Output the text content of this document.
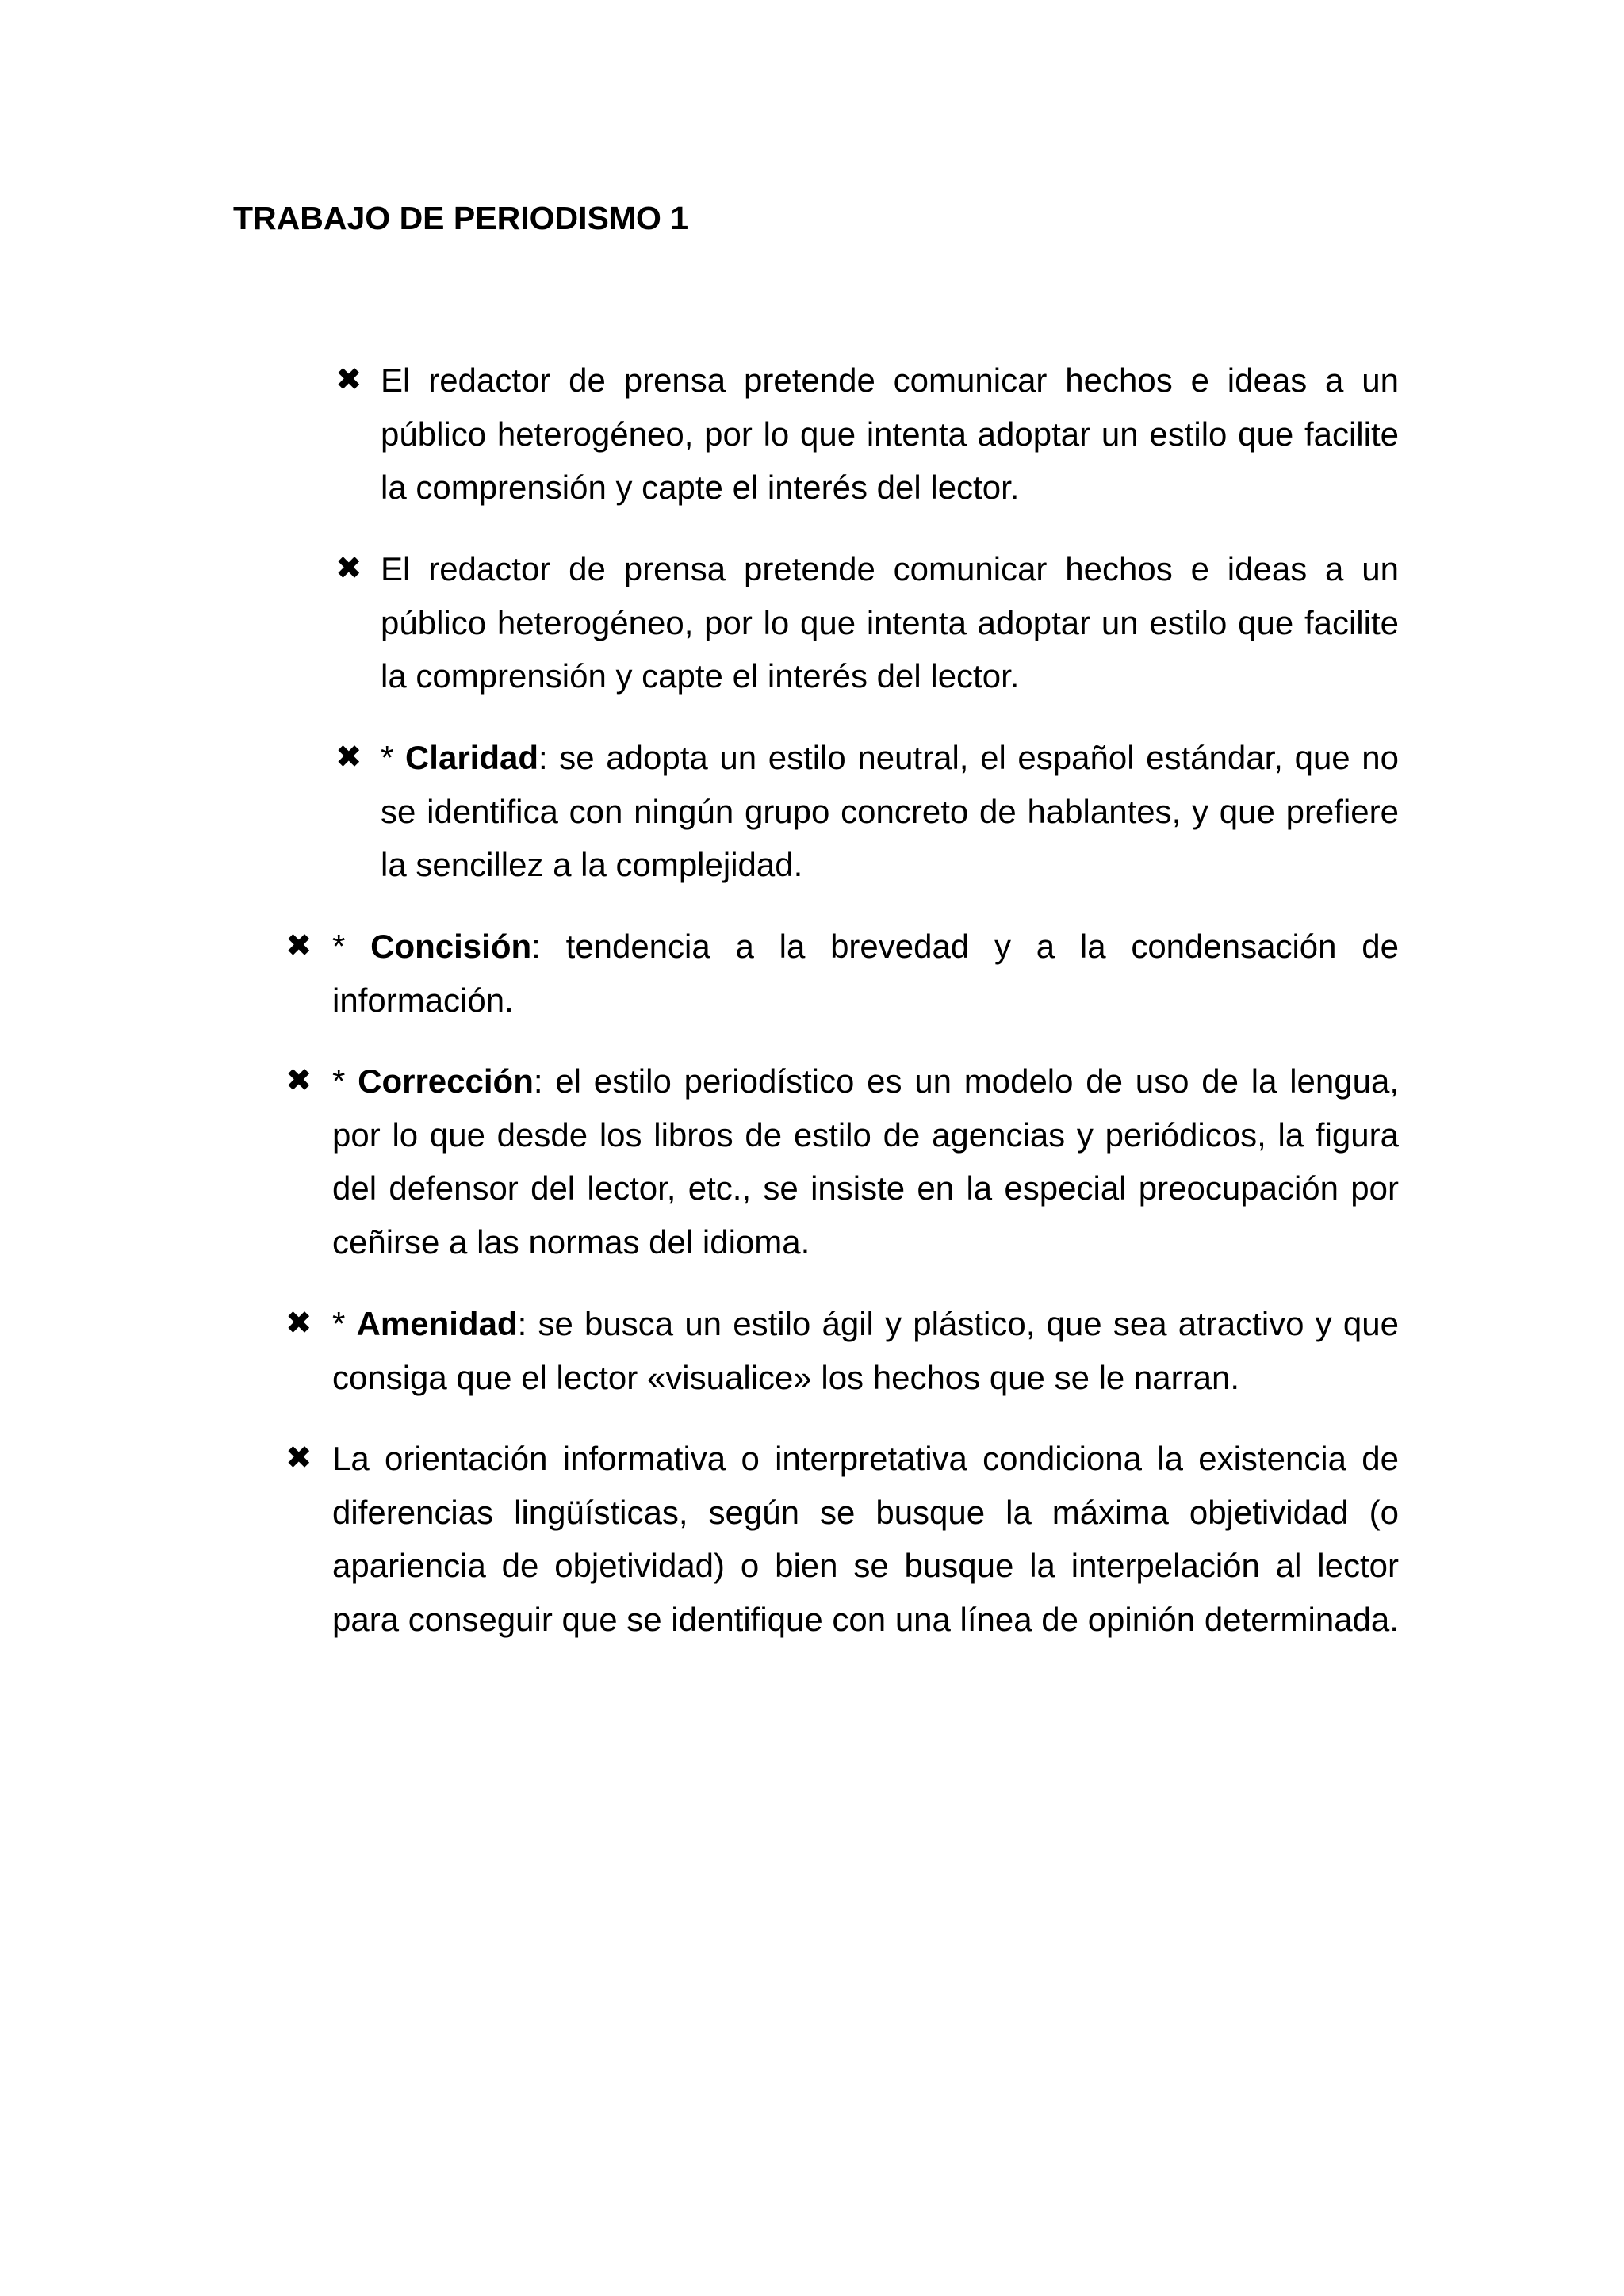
TRABAJO DE PERIODISMO 1
✖ El redactor de prensa pretende comunicar hechos e ideas a un público heterogéneo, por lo que intenta adoptar un estilo que facilite la comprensión y capte el interés del lector.
✖ El redactor de prensa pretende comunicar hechos e ideas a un público heterogéneo, por lo que intenta adoptar un estilo que facilite la comprensión y capte el interés del lector.
✖ * Claridad: se adopta un estilo neutral, el español estándar, que no se identifica con ningún grupo concreto de hablantes, y que prefiere la sencillez a la complejidad.
✖ * Concisión: tendencia a la brevedad y a la condensación de información.
✖ * Corrección: el estilo periodístico es un modelo de uso de la lengua, por lo que desde los libros de estilo de agencias y periódicos, la figura del defensor del lector, etc., se insiste en la especial preocupación por ceñirse a las normas del idioma.
✖ * Amenidad: se busca un estilo ágil y plástico, que sea atractivo y que consiga que el lector «visualice» los hechos que se le narran.
✖ La orientación informativa o interpretativa condiciona la existencia de diferencias lingüísticas, según se busque la máxima objetividad (o apariencia de objetividad) o bien se busque la interpelación al lector para conseguir que se identifique con una línea de opinión determinada.
